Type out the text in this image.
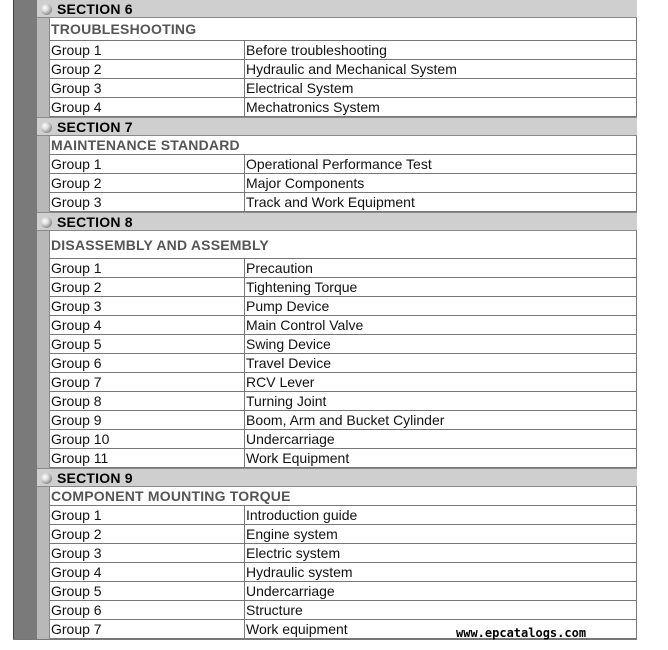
SECTION 6
TROUBLESHOOTING
Group 1	Before troubleshooting
Group 2	Hydraulic and Mechanical System
Group 3	Electrical System
Group 4	Mechatronics System
SECTION 7
MAINTENANCE STANDARD
Group 1	Operational Performance Test
Group 2	Major Components
Group 3	Track and Work Equipment
SECTION 8
DISASSEMBLY AND ASSEMBLY
Group 1	Precaution
Group 2	Tightening Torque
Group 3	Pump Device
Group 4	Main Control Valve
Group 5	Swing Device
Group 6	Travel Device
Group 7	RCV Lever
Group 8	Turning Joint
Group 9	Boom, Arm and Bucket Cylinder
Group 10	Undercarriage
Group 11	Work Equipment
SECTION 9
COMPONENT MOUNTING TORQUE
Group 1	Introduction guide
Group 2	Engine system
Group 3	Electric system
Group 4	Hydraulic system
Group 5	Undercarriage
Group 6	Structure
Group 7	Work equipment	www.epcatalogs.com
